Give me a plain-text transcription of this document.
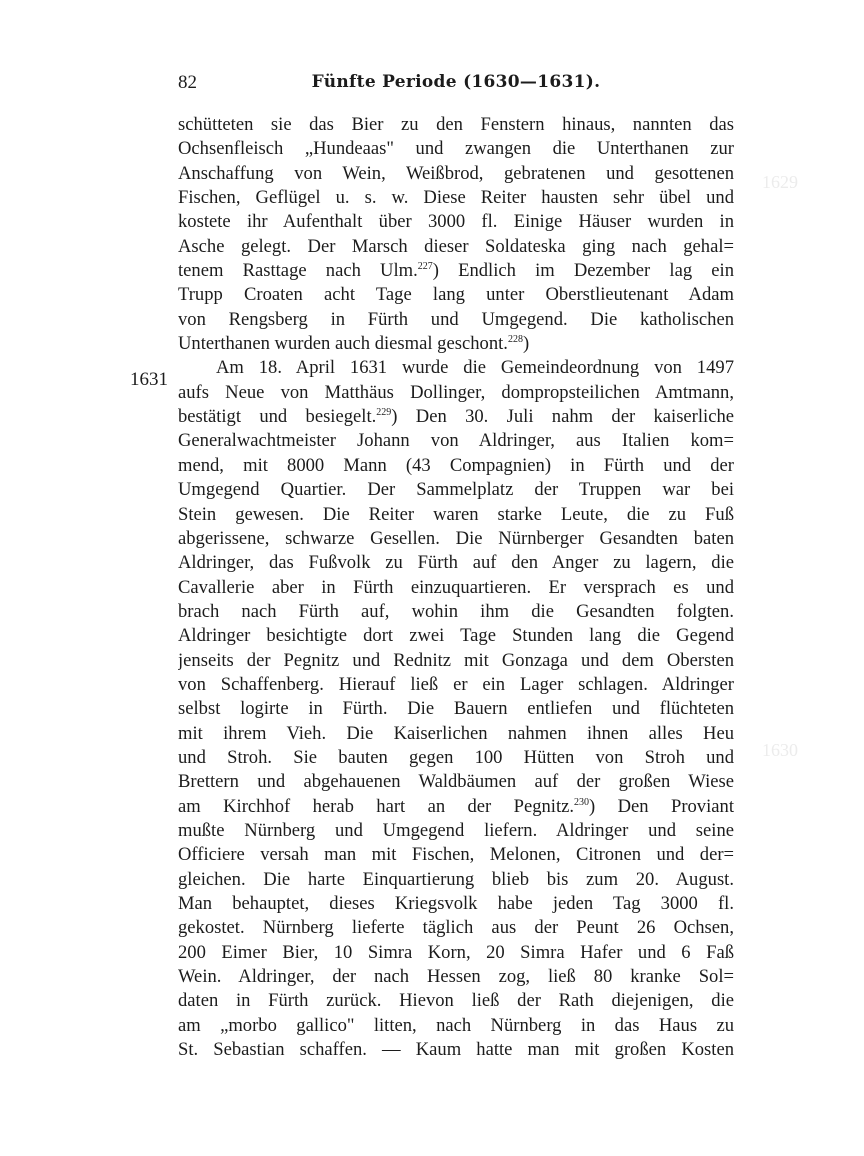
82	Fünfte Periode (1630—1631).
1629
1630
1631
schütteten sie das Bier zu den Fenstern hinaus, nannten das
Ochsenfleisch „Hundeaas" und zwangen die Unterthanen zur
Anschaffung von Wein, Weißbrod, gebratenen und gesottenen
Fischen, Geflügel u. s. w. Diese Reiter hausten sehr übel und
kostete ihr Aufenthalt über 3000 fl. Einige Häuser wurden in
Asche gelegt. Der Marsch dieser Soldateska ging nach gehal=
tenem Rasttage nach Ulm.$^{227}$) Endlich im Dezember lag ein
Trupp Croaten acht Tage lang unter Oberstlieutenant Adam
von Rengsberg in Fürth und Umgegend. Die katholischen
Unterthanen wurden auch diesmal geschont.$^{228}$)
Am 18. April 1631 wurde die Gemeindeordnung von 1497
aufs Neue von Matthäus Dollinger, dompropsteilichen Amtmann,
bestätigt und besiegelt.$^{229}$) Den 30. Juli nahm der kaiserliche
Generalwachtmeister Johann von Aldringer, aus Italien kom=
mend, mit 8000 Mann (43 Compagnien) in Fürth und der
Umgegend Quartier. Der Sammelplatz der Truppen war bei
Stein gewesen. Die Reiter waren starke Leute, die zu Fuß
abgerissene, schwarze Gesellen. Die Nürnberger Gesandten baten
Aldringer, das Fußvolk zu Fürth auf den Anger zu lagern, die
Cavallerie aber in Fürth einzuquartieren. Er versprach es und
brach nach Fürth auf, wohin ihm die Gesandten folgten.
Aldringer besichtigte dort zwei Tage Stunden lang die Gegend
jenseits der Pegnitz und Rednitz mit Gonzaga und dem Obersten
von Schaffenberg. Hierauf ließ er ein Lager schlagen. Aldringer
selbst logirte in Fürth. Die Bauern entliefen und flüchteten
mit ihrem Vieh. Die Kaiserlichen nahmen ihnen alles Heu
und Stroh. Sie bauten gegen 100 Hütten von Stroh und
Brettern und abgehauenen Waldbäumen auf der großen Wiese
am Kirchhof herab hart an der Pegnitz.$^{230}$) Den Proviant
mußte Nürnberg und Umgegend liefern. Aldringer und seine
Officiere versah man mit Fischen, Melonen, Citronen und der=
gleichen. Die harte Einquartierung blieb bis zum 20. August.
Man behauptet, dieses Kriegsvolk habe jeden Tag 3000 fl.
gekostet. Nürnberg lieferte täglich aus der Peunt 26 Ochsen,
200 Eimer Bier, 10 Simra Korn, 20 Simra Hafer und 6 Faß
Wein. Aldringer, der nach Hessen zog, ließ 80 kranke Sol=
daten in Fürth zurück. Hievon ließ der Rath diejenigen, die
am „morbo gallico" litten, nach Nürnberg in das Haus zu
St. Sebastian schaffen. — Kaum hatte man mit großen Kosten
